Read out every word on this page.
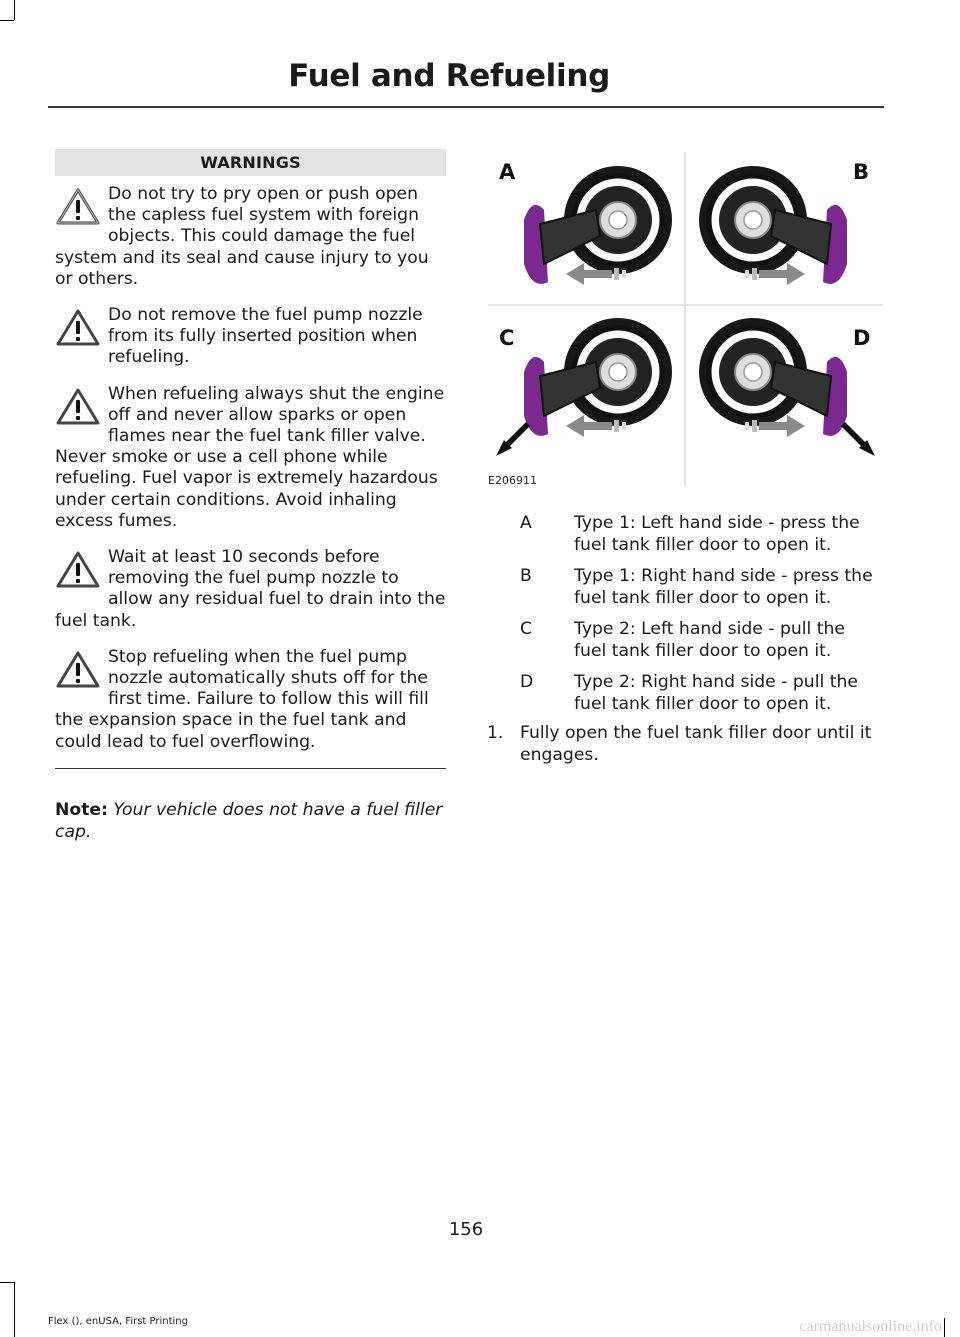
Fuel and Refueling
WARNINGS
Do not try to pry open or push open the capless fuel system with foreign objects. This could damage the fuel system and its seal and cause injury to you or others.
Do not remove the fuel pump nozzle from its fully inserted position when refueling.
When refueling always shut the engine off and never allow sparks or open flames near the fuel tank filler valve. Never smoke or use a cell phone while refueling. Fuel vapor is extremely hazardous under certain conditions. Avoid inhaling excess fumes.
Wait at least 10 seconds before removing the fuel pump nozzle to allow any residual fuel to drain into the fuel tank.
Stop refueling when the fuel pump nozzle automatically shuts off for the first time. Failure to follow this will fill the expansion space in the fuel tank and could lead to fuel overflowing.
Note: Your vehicle does not have a fuel filler cap.
A	B
C	D
E206911
A	Type 1: Left hand side - press the fuel tank filler door to open it.
B	Type 1: Right hand side - press the fuel tank filler door to open it.
C	Type 2: Left hand side - pull the fuel tank filler door to open it.
D	Type 2: Right hand side - pull the fuel tank filler door to open it.
1. Fully open the fuel tank filler door until it engages.
156
Flex (), enUSA, First Printing	carmanualsonline.info
